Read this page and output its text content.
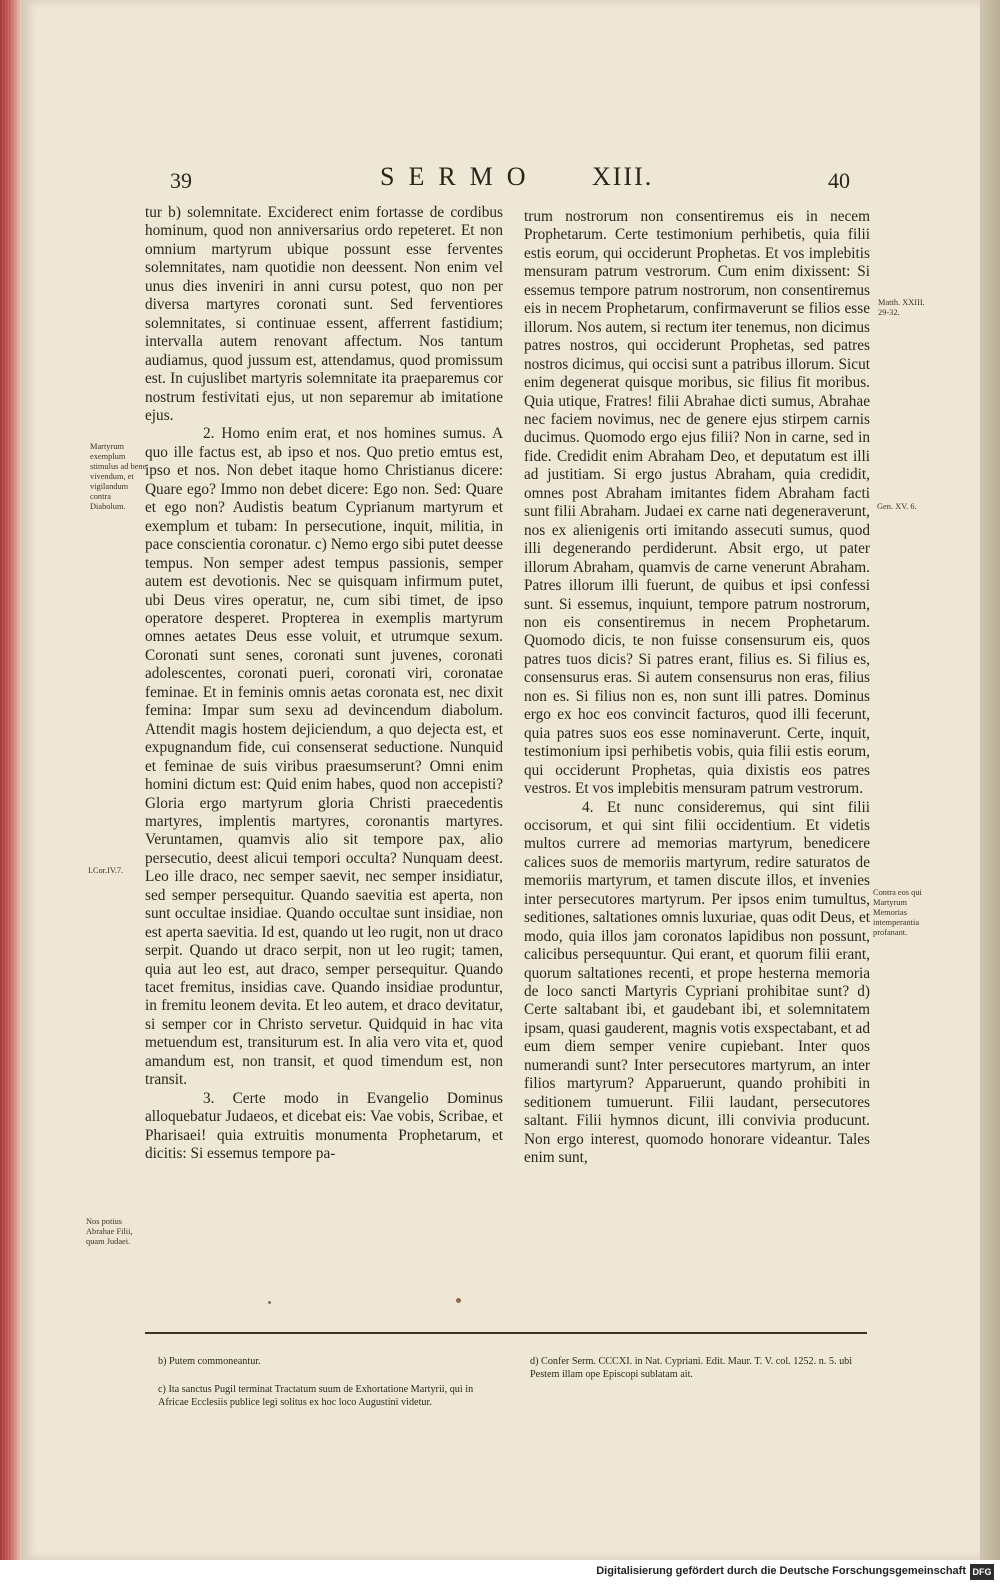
39	SERMO XIII.	40

tur b) solemnitate. Exciderect enim fortasse de cordibus hominum, quod non anniversarius ordo repeteret. Et non omnium martyrum ubique possunt esse ferventes solemnitates, nam quotidie non deessent. Non enim vel unus dies inveniri in anni cursu potest, quo non per diversa martyres coronati sunt. Sed ferventiores solemnitates, si continuae essent, afferrent fastidium; intervalla autem renovant affectum. Nos tantum audiamus, quod jussum est, attendamus, quod promissum est. In cujuslibet martyris solemnitate ita praeparemus cor nostrum festivitati ejus, ut non separemur ab imitatione ejus.

2. Homo enim erat, et nos homines sumus. A quo ille factus est, ab ipso et nos. Quo pretio emtus est, ipso et nos. Non debet itaque homo Christianus dicere: Quare ego? Immo non debet dicere: Ego non. Sed: Quare et ego non? Audistis beatum Cyprianum martyrum et exemplum et tubam: In persecutione, inquit, militia, in pace conscientia coronatur. c) Nemo ergo sibi putet deesse tempus. Non semper adest tempus passionis, semper autem est devotionis. Nec se quisquam infirmum putet, ubi Deus vires operatur, ne, cum sibi timet, de ipso operatore desperet. Propterea in exemplis martyrum omnes aetates Deus esse voluit, et utrumque sexum. Coronati sunt senes, coronati sunt juvenes, coronati adolescentes, coronati pueri, coronati viri, coronatae feminae. Et in feminis omnis aetas coronata est, nec dixit femina: Impar sum sexu ad devincendum diabolum. Attendit magis hostem dejiciendum, a quo dejecta est, et expugnandum fide, cui consenserat seductione. Nunquid et feminae de suis viribus praesumserunt? Omni enim homini dictum est: Quid enim habes, quod non accepisti? Gloria ergo martyrum gloria Christi praecedentis martyres, implentis martyres, coronantis martyres. Veruntamen, quamvis alio sit tempore pax, alio persecutio, deest alicui tempori occulta? Nunquam deest. Leo ille draco, nec semper saevit, nec semper insidiatur, sed semper persequitur. Quando saevitia est aperta, non sunt occultae insidiae. Quando occultae sunt insidiae, non est aperta saevitia. Id est, quando ut leo rugit, non ut draco serpit. Quando ut draco serpit, non ut leo rugit; tamen, quia aut leo est, aut draco, semper persequitur. Quando tacet fremitus, insidias cave. Quando insidiae produntur, in fremitu leonem devita. Et leo autem, et draco devitatur, si semper cor in Christo servetur. Quidquid in hac vita metuendum est, transiturum est. In alia vero vita et, quod amandum est, non transit, et quod timendum est, non transit.

3. Certe modo in Evangelio Dominus alloquebatur Judaeos, et dicebat eis: Vae vobis, Scribae, et Pharisaei! quia extruitis monumenta Prophetarum, et dicitis: Si essemus tempore pa-

trum nostrorum non consentiremus eis in necem Prophetarum. Certe testimonium perhibetis, quia filii estis eorum, qui occiderunt Prophetas. Et vos implebitis mensuram patrum vestrorum. Cum enim dixissent: Si essemus tempore patrum nostrorum, non consentiremus eis in necem Prophetarum, confirmaverunt se filios esse illorum. Nos autem, si rectum iter tenemus, non dicimus patres nostros, qui occiderunt Prophetas, sed patres nostros dicimus, qui occisi sunt a patribus illorum. Sicut enim degenerat quisque moribus, sic filius fit moribus. Quia utique, Fratres! filii Abrahae dicti sumus, Abrahae nec faciem novimus, nec de genere ejus stirpem carnis ducimus. Quomodo ergo ejus filii? Non in carne, sed in fide. Credidit enim Abraham Deo, et deputatum est illi ad justitiam. Si ergo justus Abraham, quia credidit, omnes post Abraham imitantes fidem Abraham facti sunt filii Abraham. Judaei ex carne nati degeneraverunt, nos ex alienigenis orti imitando assecuti sumus, quod illi degenerando perdiderunt. Absit ergo, ut pater illorum Abraham, quamvis de carne venerunt Abraham. Patres illorum illi fuerunt, de quibus et ipsi confessi sunt. Si essemus, inquiunt, tempore patrum nostrorum, non eis consentiremus in necem Prophetarum. Quomodo dicis, te non fuisse consensurum eis, quos patres tuos dicis? Si patres erant, filius es. Si filius es, consensurus eras. Si autem consensurus non eras, filius non es. Si filius non es, non sunt illi patres. Dominus ergo ex hoc eos convincit facturos, quod illi fecerunt, quia patres suos eos esse nominaverunt. Certe, inquit, testimonium ipsi perhibetis vobis, quia filii estis eorum, qui occiderunt Prophetas, quia dixistis eos patres vestros. Et vos implebitis mensuram patrum vestrorum.

4. Et nunc consideremus, qui sint filii occisorum, et qui sint filii occidentium. Et videtis multos currere ad memorias martyrum, benedicere calices suos de memoriis martyrum, redire saturatos de memoriis martyrum, et tamen discute illos, et invenies inter persecutores martyrum. Per ipsos enim tumultus, seditiones, saltationes omnis luxuriae, quas odit Deus, et modo, quia illos jam coronatos lapidibus non possunt, calicibus persequuntur. Qui erant, et quorum filii erant, quorum saltationes recenti, et prope hesterna memoria de loco sancti Martyris Cypriani prohibitae sunt? d) Certe saltabant ibi, et gaudebant ibi, et solemnitatem ipsam, quasi gauderent, magnis votis exspectabant, et ad eum diem semper venire cupiebant. Inter quos numerandi sunt? Inter persecutores martyrum, an inter filios martyrum? Apparuerunt, quando prohibiti in seditionem tumuerunt. Filii laudant, persecutores saltant. Filii hymnos dicunt, illi convivia producunt. Non ergo interest, quomodo honorare videantur. Tales enim sunt,

Martyrum exemplum stimulus ad bene vivendum, et vigilandum contra Diabolum.
I.Cor.IV.7.
Nos potius Abrahae Filii, quam Judaei.
Matth. XXIII. 29-32.
Gen. XV. 6.
Contra eos qui Martyrum Memorias intemperantia profanant.
b) Putem commoneantur.
c) Ita sanctus Pugil terminat Tractatum suum de Exhortatione Martyrii, qui in Africae Ecclesiis publice legi solitus ex hoc loco Augustini videtur.
d) Confer Serm. CCCXI. in Nat. Cypriani. Edit. Maur. T. V. col. 1252. n. 5. ubi Pestem illam ope Episcopi sublatam ait.
Digitalisierung gefördert durch die Deutsche Forschungsgemeinschaft DFG
